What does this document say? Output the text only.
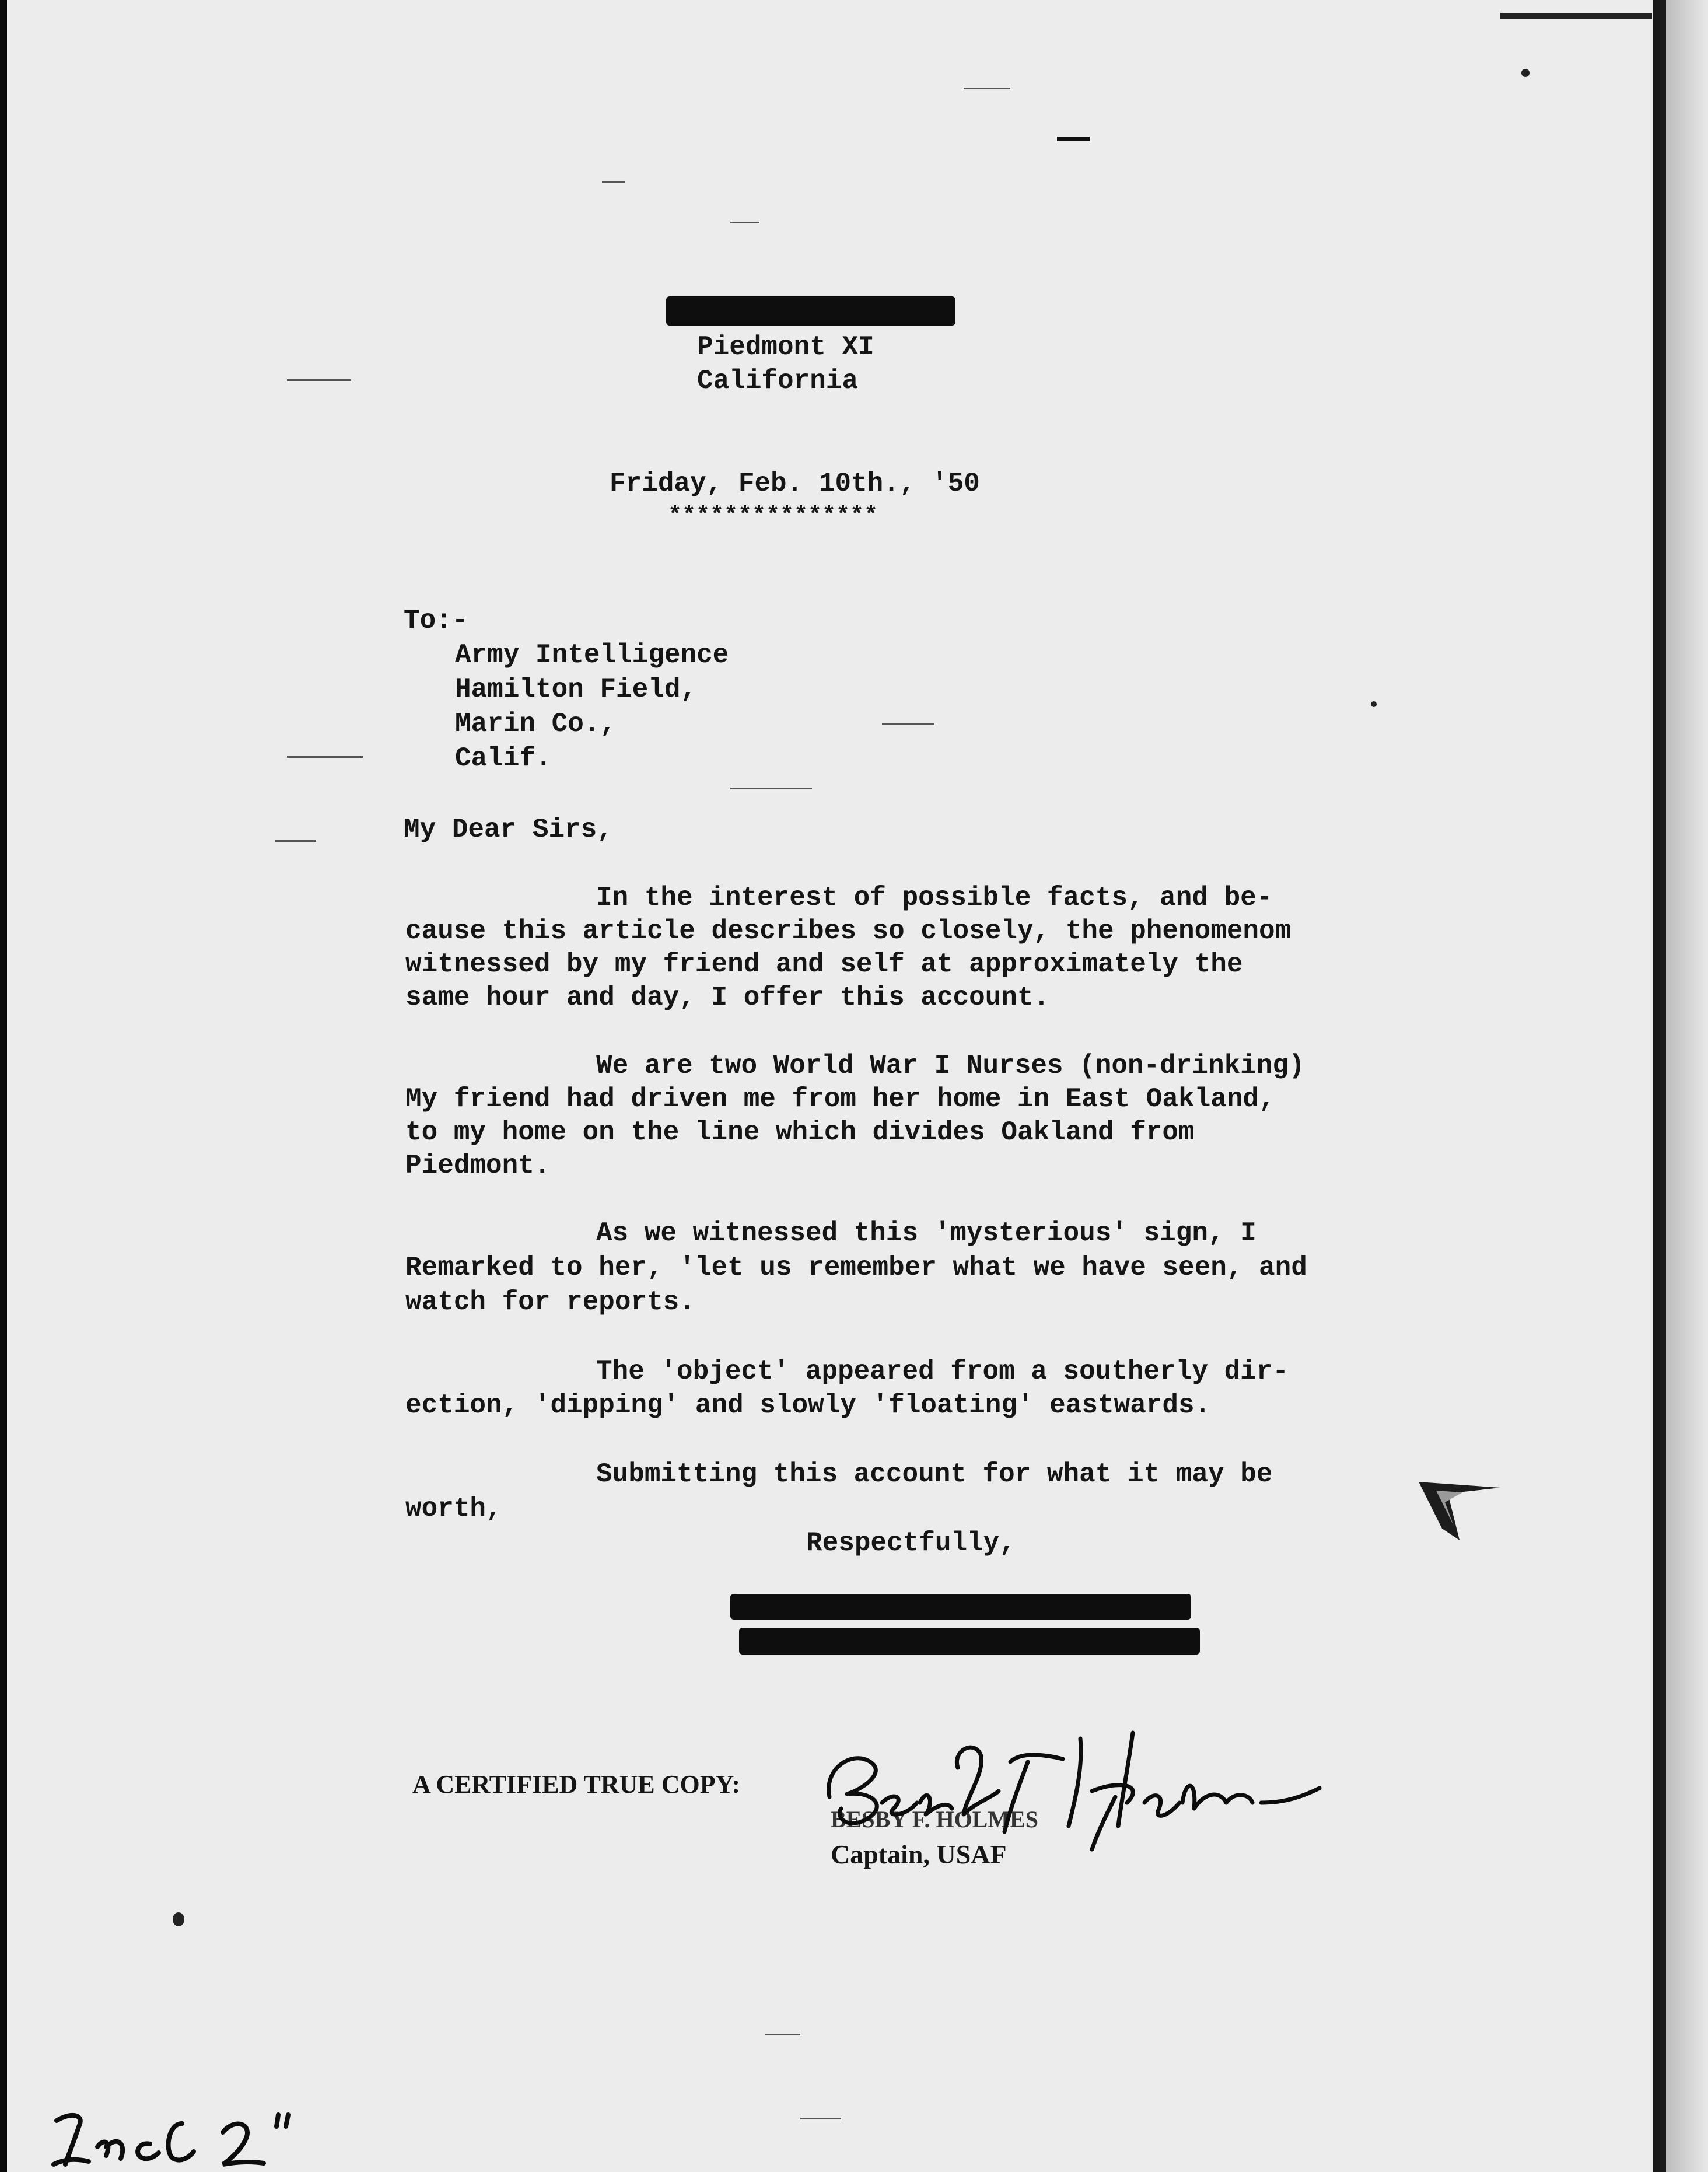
Piedmont XI
California
Friday, Feb. 10th., '50
***************
To:-
Army Intelligence
Hamilton Field,
Marin Co.,
Calif.
My Dear Sirs,
In the interest of possible facts, and be-
cause this article describes so closely, the phenomenom
witnessed by my friend and self at approximately the
same hour and day, I offer this account.
We are two World War I Nurses (non-drinking)
My friend had driven me from her home in East Oakland,
to my home on the line which divides Oakland from
Piedmont.
As we witnessed this 'mysterious' sign, I
Remarked to her, 'let us remember what we have seen, and
watch for reports.
The 'object' appeared from a southerly dir-
ection, 'dipping' and slowly 'floating' eastwards.
Submitting this account for what it may be
worth,
Respectfully,
A CERTIFIED TRUE COPY:
BESBY F. HOLMES
Captain, USAF
